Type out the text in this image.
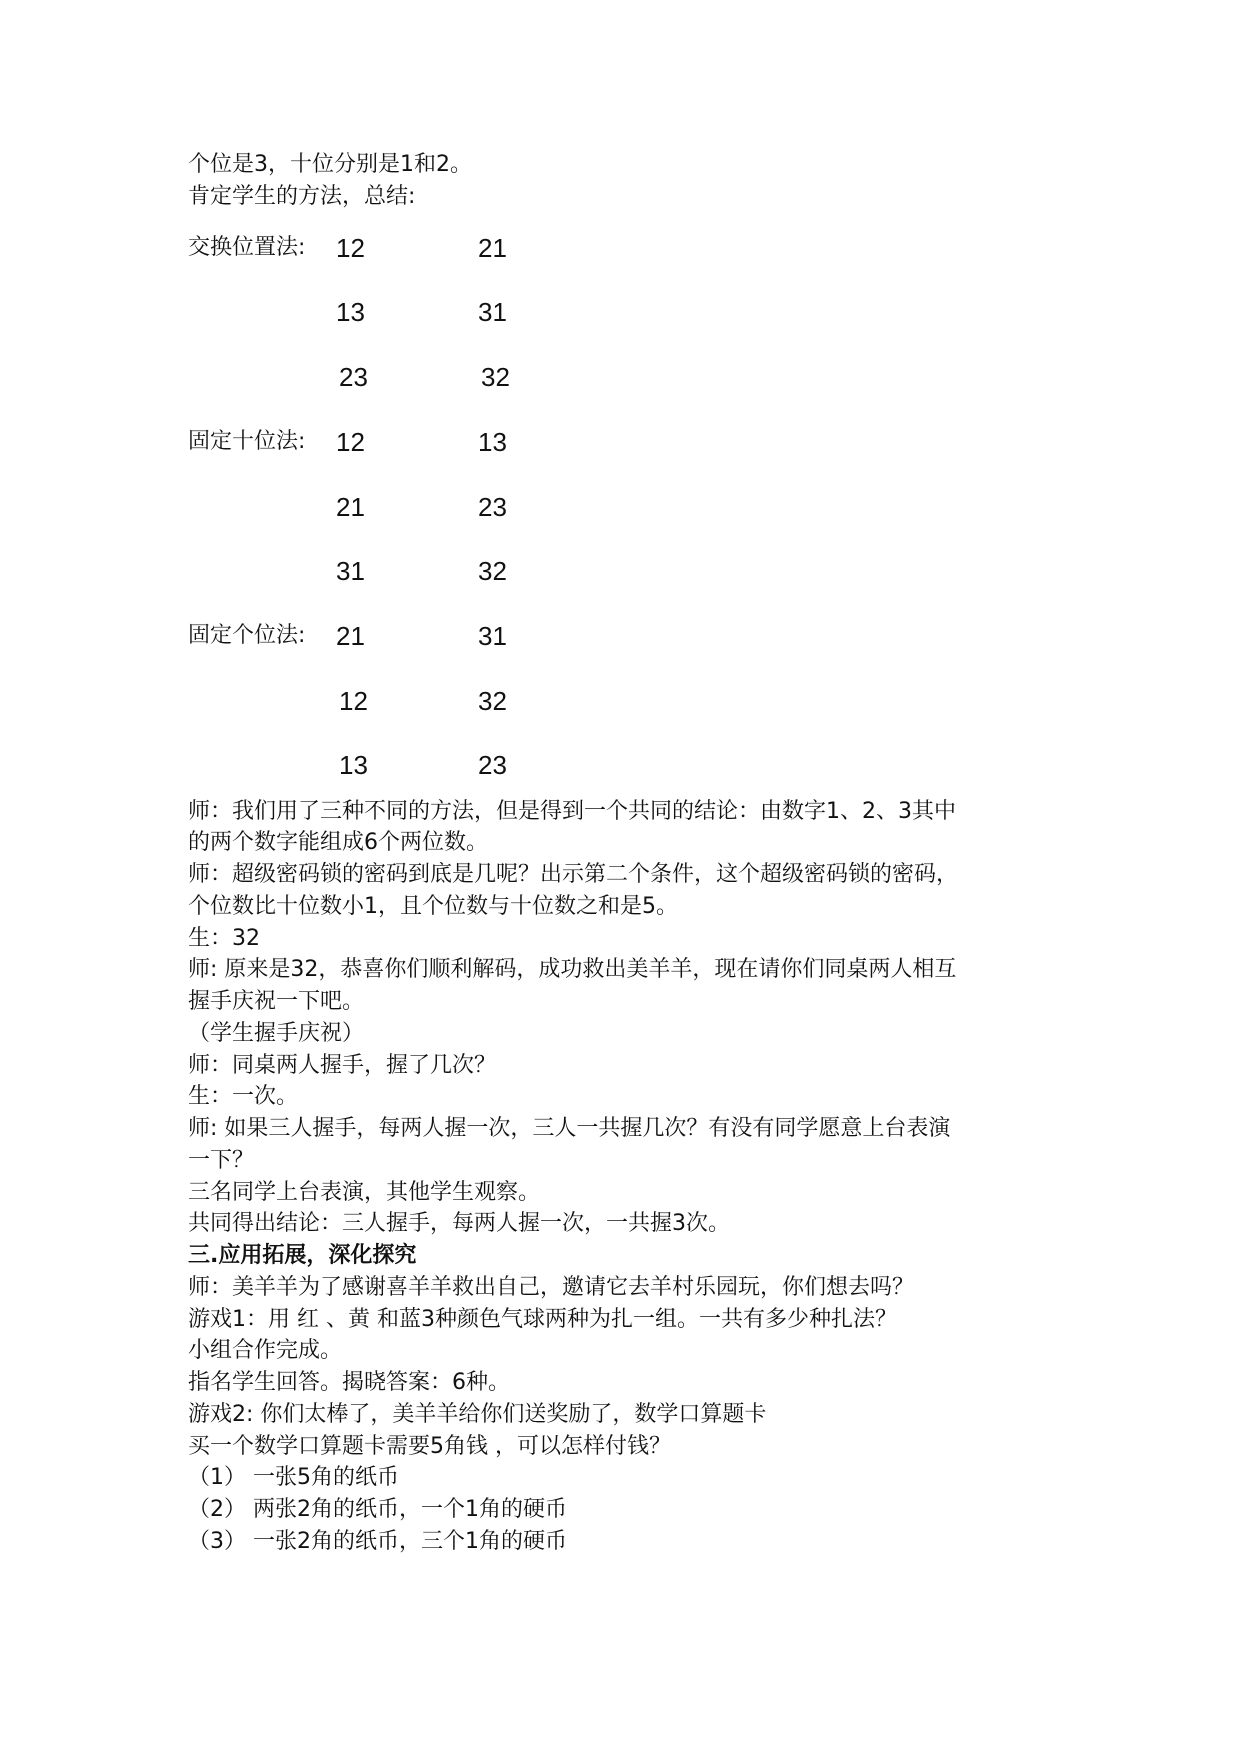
个位是3，十位分别是1和2。
肯定学生的方法，总结:
交换位置法: 12	21
13	31
23	32
固定十位法: 12	13
21	23
31	32
固定个位法: 21	31
12	32
13	23
师：我们用了三种不同的方法，但是得到一个共同的结论：由数字1、2、3其中
的两个数字能组成6个两位数。
师：超级密码锁的密码到底是几呢？出示第二个条件，这个超级密码锁的密码，
个位数比十位数小1，且个位数与十位数之和是5。
生：32
师: 原来是32，恭喜你们顺利解码，成功救出美羊羊，现在请你们同桌两人相互
握手庆祝一下吧。
（学生握手庆祝）
师：同桌两人握手，握了几次？
生：一次。
师: 如果三人握手，每两人握一次，三人一共握几次？有没有同学愿意上台表演
一下？
三名同学上台表演，其他学生观察。
共同得出结论：三人握手，每两人握一次，一共握3次。
三.应用拓展，深化探究
师：美羊羊为了感谢喜羊羊救出自己，邀请它去羊村乐园玩，你们想去吗？
游戏1：用 红 、黄 和蓝3种颜色气球两种为扎一组。一共有多少种扎法？
小组合作完成。
指名学生回答。揭晓答案：6种。
游戏2: 你们太棒了，美羊羊给你们送奖励了，数学口算题卡
买一个数学口算题卡需要5角钱 ，可以怎样付钱？
（1） 一张5角的纸币
（2） 两张2角的纸币，一个1角的硬币
（3） 一张2角的纸币，三个1角的硬币
